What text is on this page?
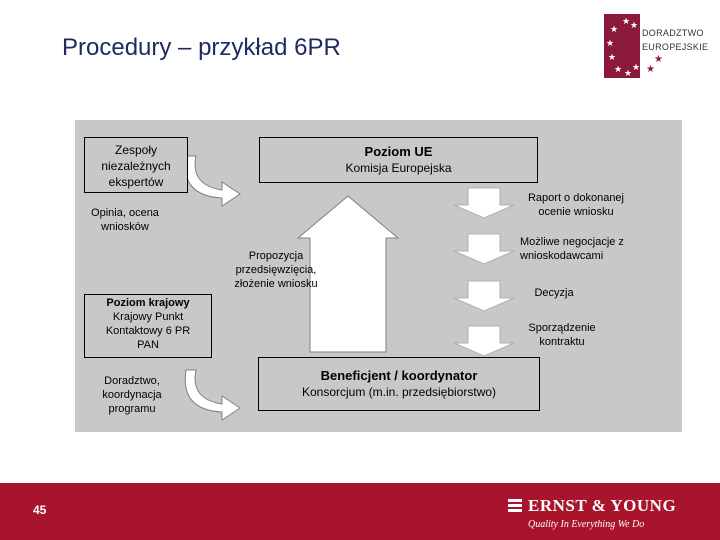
Procedury – przykład 6PR
★ ★
★
★
★
★ ★
★
★
★
DORADZTWO
EUROPEJSKIE
Zespoły niezależnych ekspertów
Poziom UE
Komisja Europejska
Opinia, ocena wniosków
Propozycja przedsięwzięcia, złożenie wniosku
Poziom krajowy
Krajowy Punkt Kontaktowy 6 PR PAN
Doradztwo, koordynacja programu
Beneficjent / koordynator
Konsorcjum (m.in. przedsiębiorstwo)
Raport o dokonanej ocenie wniosku
Możliwe negocjacje z wnioskodawcami
Decyzja
Sporządzenie kontraktu
45	ERNST & YOUNG
Quality In Everything We Do
